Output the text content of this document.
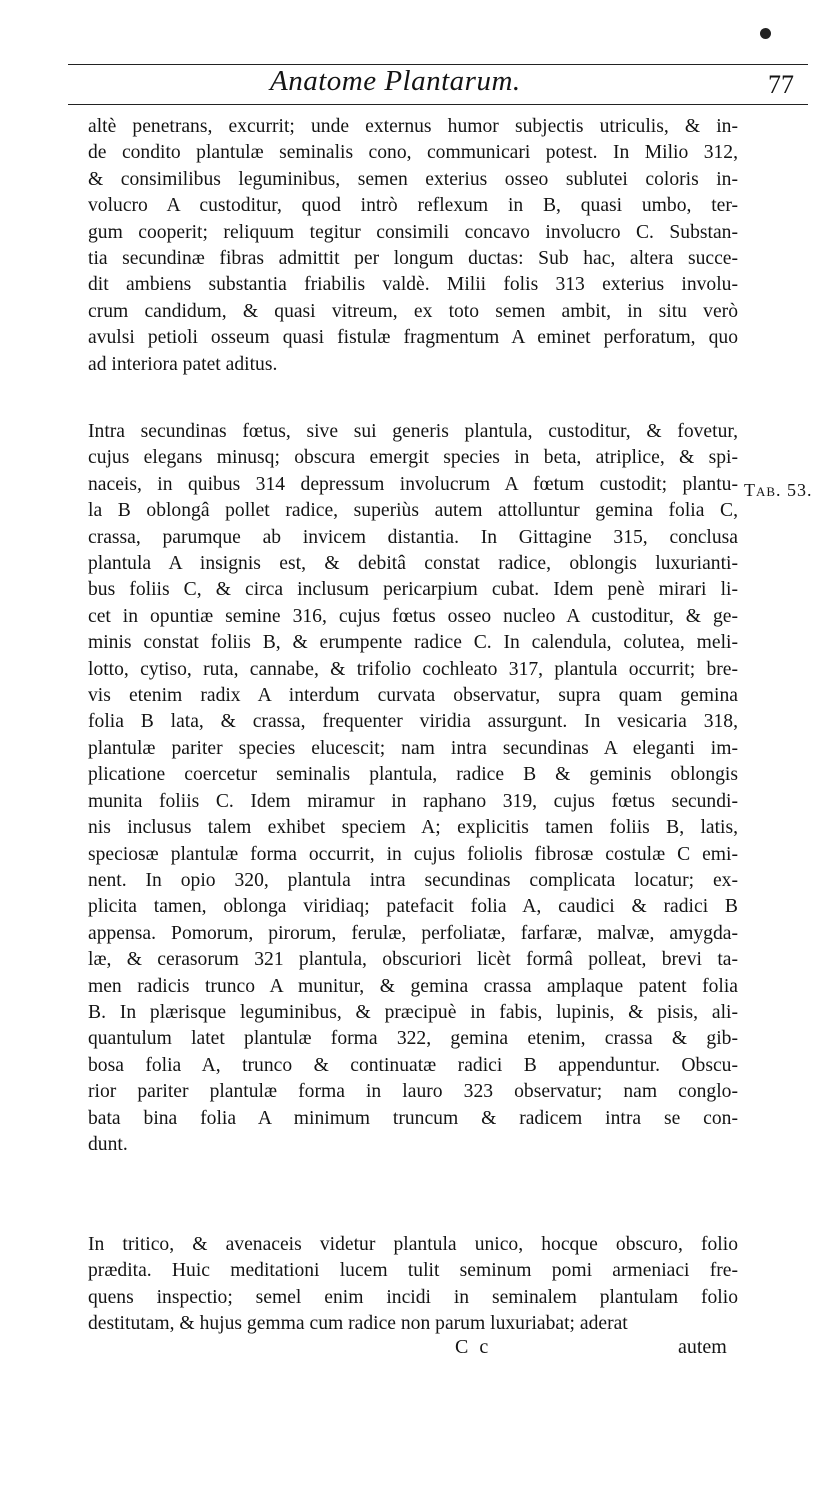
Anatome Plantarum.	77
altè penetrans, excurrit; unde externus humor subjectis utriculis, & in-
de condito plantulæ seminalis cono, communicari potest. In Milio 312,
& consimilibus leguminibus, semen exterius osseo sublutei coloris in-
volucro A custoditur, quod intrò reflexum in B, quasi umbo, ter-
gum cooperit; reliquum tegitur consimili concavo involucro C. Substan-
tia secundinæ fibras admittit per longum ductas: Sub hac, altera succe-
dit ambiens substantia friabilis valdè. Milii folis 313 exterius involu-
crum candidum, & quasi vitreum, ex toto semen ambit, in situ verò
avulsi petioli osseum quasi fistulæ fragmentum A eminet perforatum, quo
ad interiora patet aditus.
Intra secundinas fœtus, sive sui generis plantula, custoditur, & fovetur,
cujus elegans minusq; obscura emergit species in beta, atriplice, & spi-
naceis, in quibus 314 depressum involucrum A fœtum custodit; plantu-
la B oblongâ pollet radice, superiùs autem attolluntur gemina folia C,
crassa, parumque ab invicem distantia. In Gittagine 315, conclusa
plantula A insignis est, & debitâ constat radice, oblongis luxurianti-
bus foliis C, & circa inclusum pericarpium cubat. Idem penè mirari li-
cet in opuntiæ semine 316, cujus fœtus osseo nucleo A custoditur, & ge-
minis constat foliis B, & erumpente radice C. In calendula, colutea, meli-
lotto, cytiso, ruta, cannabe, & trifolio cochleato 317, plantula occurrit; bre-
vis etenim radix A interdum curvata observatur, supra quam gemina
folia B lata, & crassa, frequenter viridia assurgunt. In vesicaria 318,
plantulæ pariter species elucescit; nam intra secundinas A eleganti im-
plicatione coercetur seminalis plantula, radice B & geminis oblongis
munita foliis C. Idem miramur in raphano 319, cujus fœtus secundi-
nis inclusus talem exhibet speciem A; explicitis tamen foliis B, latis,
speciosæ plantulæ forma occurrit, in cujus foliolis fibrosæ costulæ C emi-
nent. In opio 320, plantula intra secundinas complicata locatur; ex-
plicita tamen, oblonga viridiaq; patefacit folia A, caudici & radici B
appensa. Pomorum, pirorum, ferulæ, perfoliatæ, farfaræ, malvæ, amygda-
læ, & cerasorum 321 plantula, obscuriori licèt formâ polleat, brevi ta-
men radicis trunco A munitur, & gemina crassa amplaque patent folia
B. In plærisque leguminibus, & præcipuè in fabis, lupinis, & pisis, ali-
quantulum latet plantulæ forma 322, gemina etenim, crassa & gib-
bosa folia A, trunco & continuatæ radici B appenduntur. Obscu-
rior pariter plantulæ forma in lauro 323 observatur; nam conglo-
bata bina folia A minimum truncum & radicem intra se con-
dunt.
In tritico, & avenaceis videtur plantula unico, hocque obscuro, folio
prædita. Huic meditationi lucem tulit seminum pomi armeniaci fre-
quens inspectio; semel enim incidi in seminalem plantulam folio
destitutam, & hujus gemma cum radice non parum luxuriabat; aderat
Tab. 53.
C c	autem
